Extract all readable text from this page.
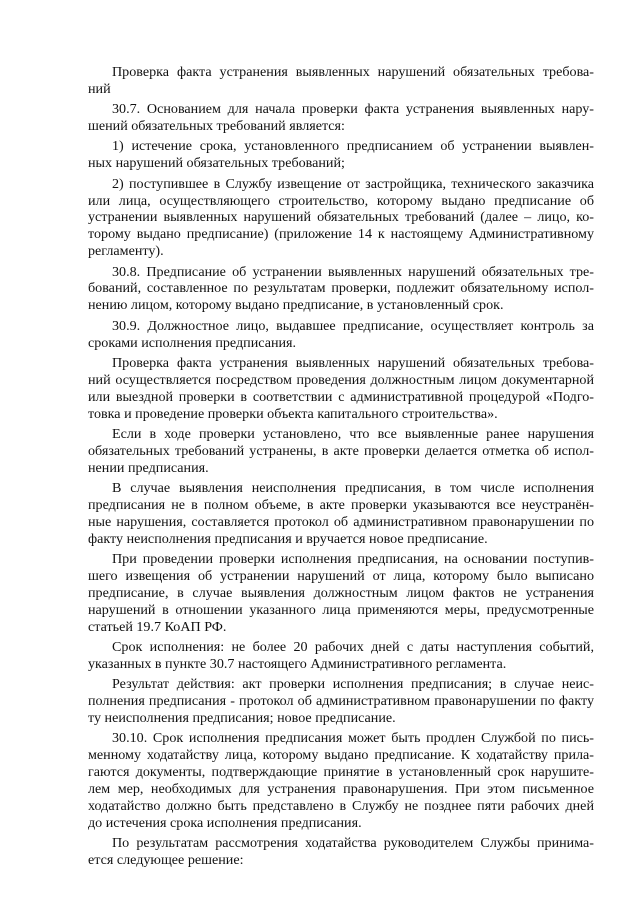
Проверка факта устранения выявленных нарушений обязательных требова-
ний

30.7. Основанием для начала проверки факта устранения выявленных нару-
шений обязательных требований является:

1) истечение срока, установленного предписанием об устранении выявлен-
ных нарушений обязательных требований;

2) поступившее в Службу извещение от застройщика, технического заказчика
или лица, осуществляющего строительство, которому выдано предписание об
устранении выявленных нарушений обязательных требований (далее – лицо, ко-
торому выдано предписание) (приложение 14 к настоящему Административному
регламенту).

30.8. Предписание об устранении выявленных нарушений обязательных тре-
бований, составленное по результатам проверки, подлежит обязательному испол-
нению лицом, которому выдано предписание, в установленный срок.

30.9. Должностное лицо, выдавшее предписание, осуществляет контроль за
сроками исполнения предписания.

Проверка факта устранения выявленных нарушений обязательных требова-
ний осуществляется посредством проведения должностным лицом документарной
или выездной проверки в соответствии с административной процедурой «Подго-
товка и проведение проверки объекта капитального строительства».

Если в ходе проверки установлено, что все выявленные ранее нарушения
обязательных требований устранены, в акте проверки делается отметка об испол-
нении предписания.

В случае выявления неисполнения предписания, в том числе исполнения
предписания не в полном объеме, в акте проверки указываются все неустранён-
ные нарушения, составляется протокол об административном правонарушении по
факту неисполнения предписания и вручается новое предписание.

При проведении проверки исполнения предписания, на основании поступив-
шего извещения об устранении нарушений от лица, которому было выписано
предписание, в случае выявления должностным лицом фактов не устранения
нарушений в отношении указанного лица применяются меры, предусмотренные
статьей 19.7 КоАП РФ.

Срок исполнения: не более 20 рабочих дней с даты наступления событий,
указанных в пункте 30.7 настоящего Административного регламента.

Результат действия: акт проверки исполнения предписания; в случае неис-
полнения предписания - протокол об административном правонарушении по факту
ту неисполнения предписания; новое предписание.

30.10. Срок исполнения предписания может быть продлен Службой по пись-
менному ходатайству лица, которому выдано предписание. К ходатайству прила-
гаются документы, подтверждающие принятие в установленный срок нарушите-
лем мер, необходимых для устранения правонарушения. При этом письменное
ходатайство должно быть представлено в Службу не позднее пяти рабочих дней
до истечения срока исполнения предписания.

По результатам рассмотрения ходатайства руководителем Службы принима-
ется следующее решение:
